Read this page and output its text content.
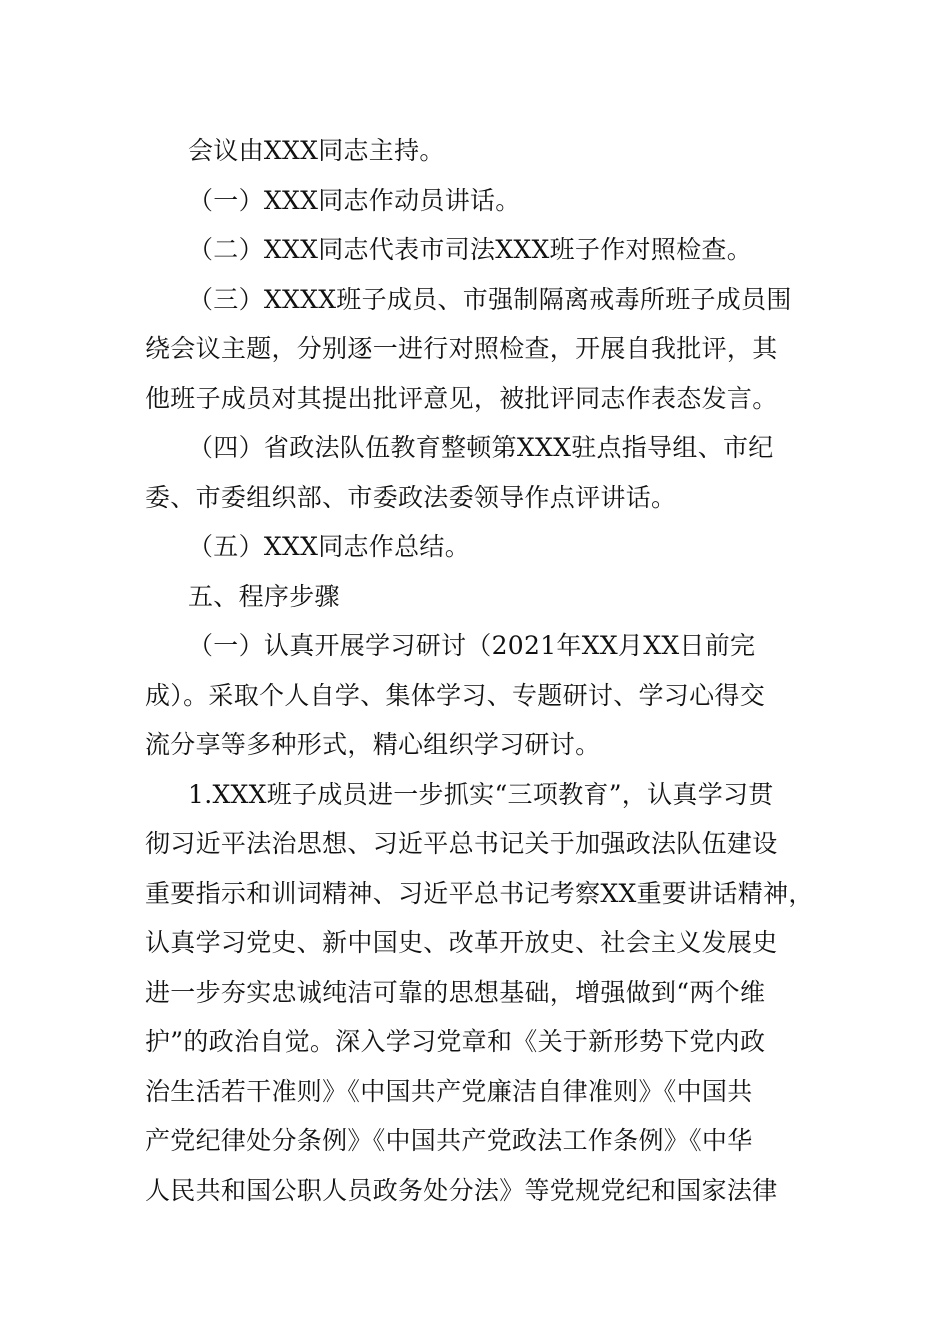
会议由XXX同志主持。
（一）XXX同志作动员讲话。
（二）XXX同志代表市司法XXX班子作对照检查。
（三）XXXX班子成员、市强制隔离戒毒所班子成员围
绕会议主题，分别逐一进行对照检查，开展自我批评，其
他班子成员对其提出批评意见，被批评同志作表态发言。
（四）省政法队伍教育整顿第XXX驻点指导组、市纪
委、市委组织部、市委政法委领导作点评讲话。
（五）XXX同志作总结。
五、程序步骤
（一）认真开展学习研讨（2021年XX月XX日前完
成）。采取个人自学、集体学习、专题研讨、学习心得交
流分享等多种形式，精心组织学习研讨。
1.XXX班子成员进一步抓实“三项教育”，认真学习贯
彻习近平法治思想、习近平总书记关于加强政法队伍建设
重要指示和训词精神、习近平总书记考察XX重要讲话精神，
认真学习党史、新中国史、改革开放史、社会主义发展史
进一步夯实忠诚纯洁可靠的思想基础，增强做到“两个维
护”的政治自觉。深入学习党章和《关于新形势下党内政
治生活若干准则》《中国共产党廉洁自律准则》《中国共
产党纪律处分条例》《中国共产党政法工作条例》《中华
人民共和国公职人员政务处分法》等党规党纪和国家法律
